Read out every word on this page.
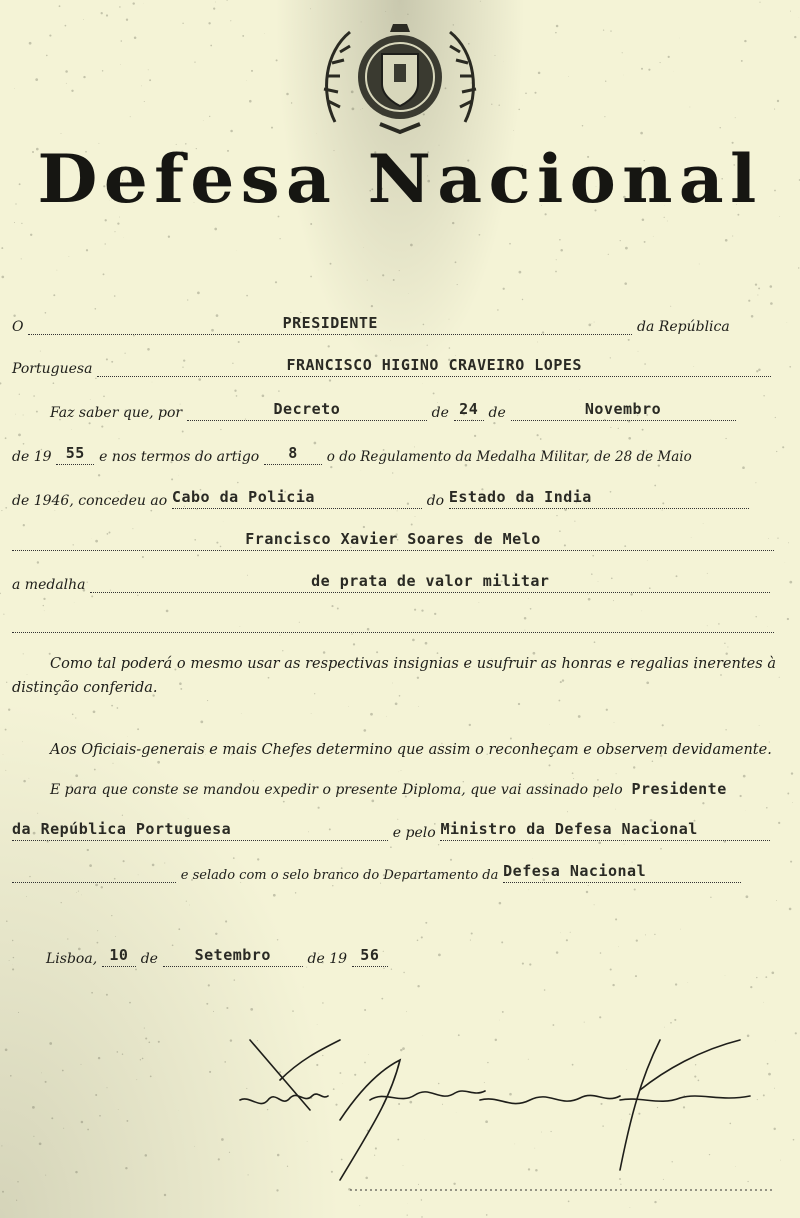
Defesa Nacional
O	PRESIDENTE	da República
Portuguesa	FRANCISCO HIGINO CRAVEIRO LOPES
Faz saber que, por	Decreto	de 24 de	Novembro
de 19 55	e nos termos do artigo	8	o do Regulamento da Medalha Militar, de 28 de Maio
de 1946, concedeu ao Cabo da Policia	do Estado da India
Francisco Xavier Soares de Melo
a medalha	de prata de valor militar
Como tal poderá o mesmo usar as respectivas insignias e usufruir as honras e regalias inerentes à distinção conferida.
Aos Oficiais-generais e mais Chefes determino que assim o reconheçam e observem devidamente.
E para que conste se mandou expedir o presente Diploma, que vai assinado pelo Presidente
da República Portuguesa	e pelo Ministro da Defesa Nacional
e selado com o selo branco do Departamento da Defesa Nacional
Lisboa, 10 de	Setembro	de 19 56
